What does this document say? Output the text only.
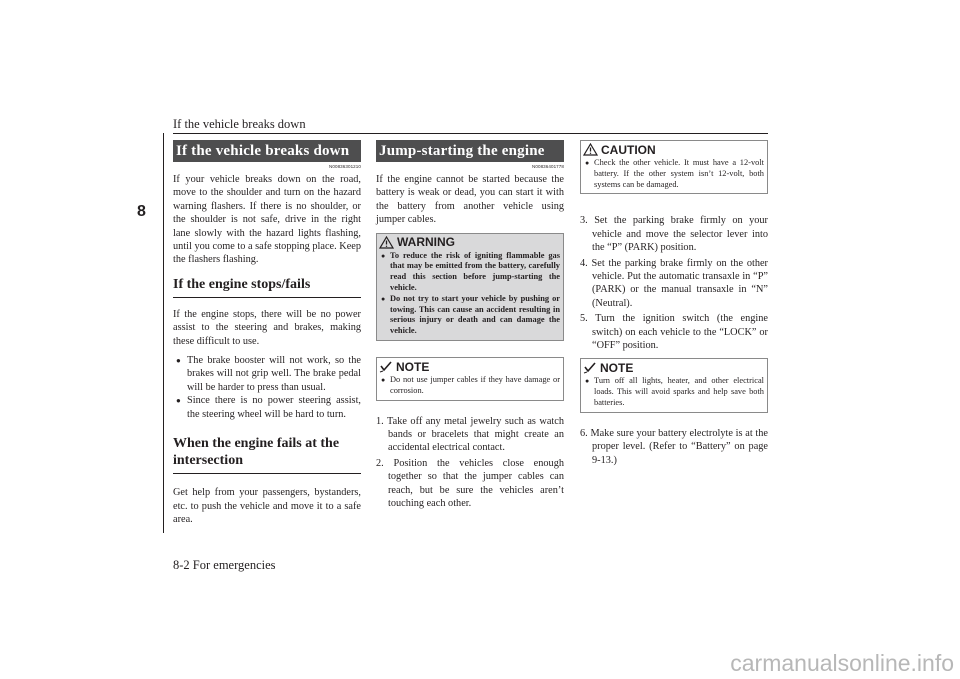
If the vehicle breaks down
8
If the vehicle breaks down
N00836301210

If your vehicle breaks down on the road, move to the shoulder and turn on the hazard warning flashers. If there is no shoulder, or the shoulder is not safe, drive in the right lane slowly with the hazard lights flashing, until you come to a safe stopping place. Keep the flashers flashing.

If the engine stops/fails

If the engine stops, there will be no power assist to the steering and brakes, making these difficult to use.

● The brake booster will not work, so the brakes will not grip well. The brake pedal will be harder to press than usual.
● Since there is no power steering assist, the steering wheel will be hard to turn.
When the engine fails at the intersection

Get help from your passengers, bystanders, etc. to push the vehicle and move it to a safe area.

Jump-starting the engine
N00836401778

If the engine cannot be started because the battery is weak or dead, you can start it with the battery from another vehicle using jumper cables.

WARNING
● To reduce the risk of igniting flammable gas that may be emitted from the battery, carefully read this section before jump-starting the vehicle.
● Do not try to start your vehicle by pushing or towing. This can cause an accident resulting in serious injury or death and can damage the vehicle.
NOTE
● Do not use jumper cables if they have damage or corrosion.
1. Take off any metal jewelry such as watch bands or bracelets that might create an accidental electrical contact.
2. Position the vehicles close enough together so that the jumper cables can reach, but be sure the vehicles aren’t touching each other.
CAUTION
● Check the other vehicle. It must have a 12-volt battery. If the other system isn’t 12-volt, both systems can be damaged.
3. Set the parking brake firmly on your vehicle and move the selector lever into the “P” (PARK) position.
4. Set the parking brake firmly on the other vehicle. Put the automatic transaxle in “P” (PARK) or the manual transaxle in “N” (Neutral).
5. Turn the ignition switch (the engine switch) on each vehicle to the “LOCK” or “OFF” position.
NOTE
● Turn off all lights, heater, and other electrical loads. This will avoid sparks and help save both batteries.
6. Make sure your battery electrolyte is at the proper level. (Refer to “Battery” on page 9-13.)
8-2 For emergencies
carmanualsonline.info
